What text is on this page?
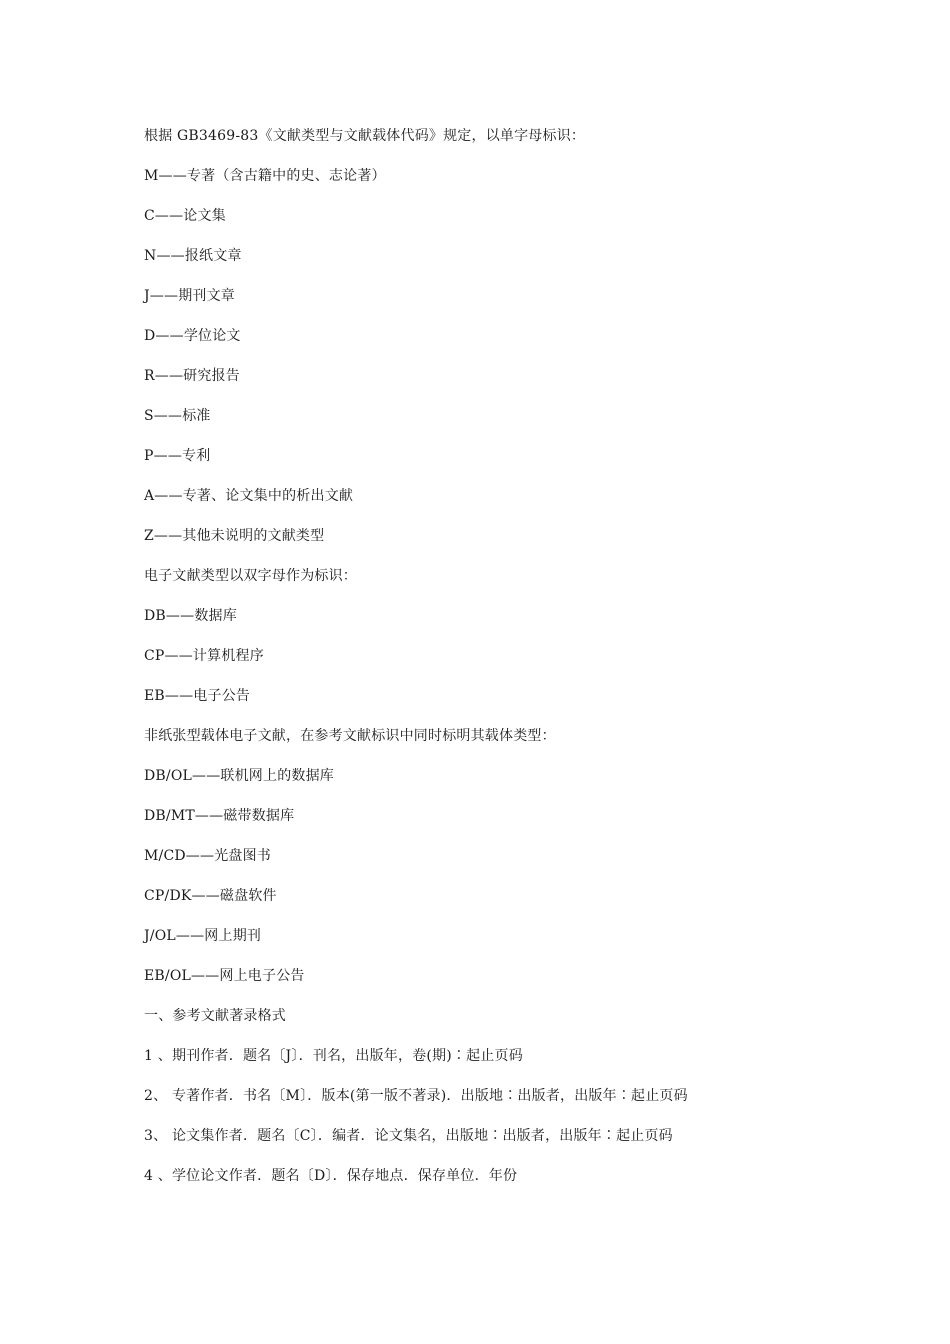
根据 GB3469-83《文献类型与文献载体代码》规定，以单字母标识：
M——专著（含古籍中的史、志论著）
C——论文集
N——报纸文章
J——期刊文章
D——学位论文
R——研究报告
S——标准
P——专利
A——专著、论文集中的析出文献
Z——其他未说明的文献类型
电子文献类型以双字母作为标识：
DB——数据库
CP——计算机程序
EB——电子公告
非纸张型载体电子文献，在参考文献标识中同时标明其载体类型：
DB/OL——联机网上的数据库
DB/MT——磁带数据库
M/CD——光盘图书
CP/DK——磁盘软件
J/OL——网上期刊
EB/OL——网上电子公告
一、参考文献著录格式
1 、期刊作者．题名〔J〕．刊名，出版年，卷(期)∶起止页码
2、 专著作者．书名〔M〕．版本(第一版不著录)．出版地∶出版者，出版年∶起止页码
3、 论文集作者．题名〔C〕．编者．论文集名，出版地∶出版者，出版年∶起止页码
4 、学位论文作者．题名〔D〕．保存地点．保存单位．年份
